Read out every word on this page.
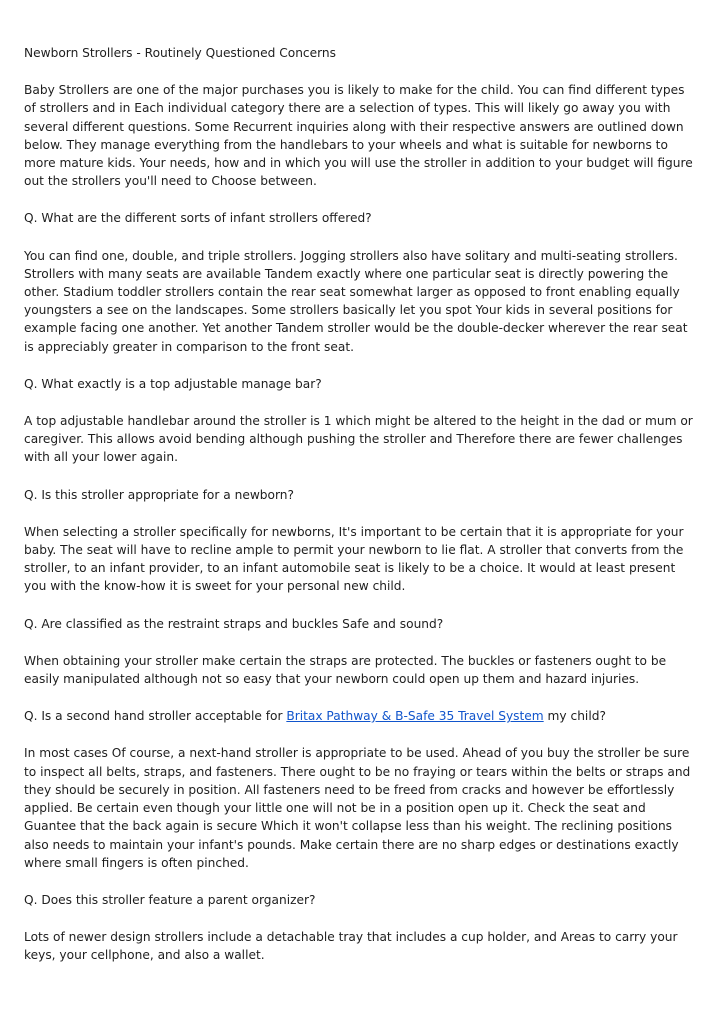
Newborn Strollers - Routinely Questioned Concerns

Baby Strollers are one of the major purchases you is likely to make for the child. You can find different types of strollers and in Each individual category there are a selection of types. This will likely go away you with several different questions. Some Recurrent inquiries along with their respective answers are outlined down below. They manage everything from the handlebars to your wheels and what is suitable for newborns to more mature kids. Your needs, how and in which you will use the stroller in addition to your budget will figure out the strollers you'll need to Choose between.

Q. What are the different sorts of infant strollers offered?

You can find one, double, and triple strollers. Jogging strollers also have solitary and multi-seating strollers. Strollers with many seats are available Tandem exactly where one particular seat is directly powering the other. Stadium toddler strollers contain the rear seat somewhat larger as opposed to front enabling equally youngsters a see on the landscapes. Some strollers basically let you spot Your kids in several positions for example facing one another. Yet another Tandem stroller would be the double-decker wherever the rear seat is appreciably greater in comparison to the front seat.

Q. What exactly is a top adjustable manage bar?

A top adjustable handlebar around the stroller is 1 which might be altered to the height in the dad or mum or caregiver. This allows avoid bending although pushing the stroller and Therefore there are fewer challenges with all your lower again.

Q. Is this stroller appropriate for a newborn?

When selecting a stroller specifically for newborns, It's important to be certain that it is appropriate for your baby. The seat will have to recline ample to permit your newborn to lie flat. A stroller that converts from the stroller, to an infant provider, to an infant automobile seat is likely to be a choice. It would at least present you with the know-how it is sweet for your personal new child.

Q. Are classified as the restraint straps and buckles Safe and sound?

When obtaining your stroller make certain the straps are protected. The buckles or fasteners ought to be easily manipulated although not so easy that your newborn could open up them and hazard injuries.

Q. Is a second hand stroller acceptable for Britax Pathway & B-Safe 35 Travel System my child?

In most cases Of course, a next-hand stroller is appropriate to be used. Ahead of you buy the stroller be sure to inspect all belts, straps, and fasteners. There ought to be no fraying or tears within the belts or straps and they should be securely in position. All fasteners need to be freed from cracks and however be effortlessly applied. Be certain even though your little one will not be in a position open up it. Check the seat and Guantee that the back again is secure Which it won't collapse less than his weight. The reclining positions also needs to maintain your infant's pounds. Make certain there are no sharp edges or destinations exactly where small fingers is often pinched.

Q. Does this stroller feature a parent organizer?

Lots of newer design strollers include a detachable tray that includes a cup holder, and Areas to carry your keys, your cellphone, and also a wallet.
